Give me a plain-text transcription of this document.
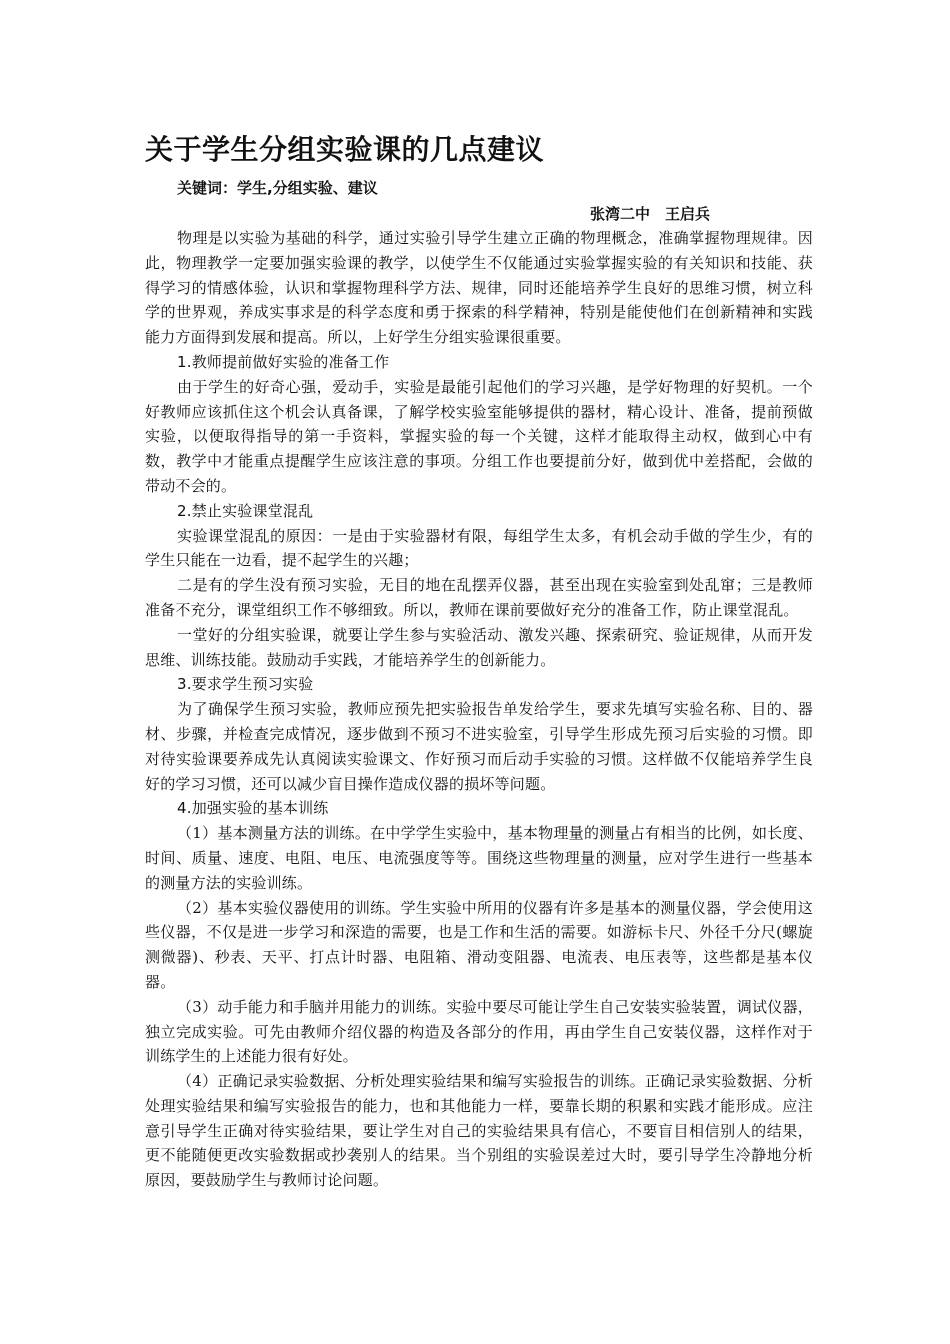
关于学生分组实验课的几点建议
关键词：学生,分组实验、建议
张湾二中　王启兵

物理是以实验为基础的科学，通过实验引导学生建立正确的物理概念，准确掌握物理规律。因此，物理教学一定要加强实验课的教学，以使学生不仅能通过实验掌握实验的有关知识和技能、获得学习的情感体验，认识和掌握物理科学方法、规律，同时还能培养学生良好的思维习惯，树立科学的世界观，养成实事求是的科学态度和勇于探索的科学精神，特别是能使他们在创新精神和实践能力方面得到发展和提高。所以，上好学生分组实验课很重要。

1.教师提前做好实验的准备工作

由于学生的好奇心强，爱动手，实验是最能引起他们的学习兴趣，是学好物理的好契机。一个好教师应该抓住这个机会认真备课，了解学校实验室能够提供的器材，精心设计、准备，提前预做实验，以便取得指导的第一手资料，掌握实验的每一个关键，这样才能取得主动权，做到心中有数，教学中才能重点提醒学生应该注意的事项。分组工作也要提前分好，做到优中差搭配，会做的带动不会的。

2.禁止实验课堂混乱

实验课堂混乱的原因：一是由于实验器材有限，每组学生太多，有机会动手做的学生少，有的学生只能在一边看，提不起学生的兴趣；

二是有的学生没有预习实验，无目的地在乱摆弄仪器，甚至出现在实验室到处乱窜；三是教师准备不充分，课堂组织工作不够细致。所以，教师在课前要做好充分的准备工作，防止课堂混乱。

一堂好的分组实验课，就要让学生参与实验活动、激发兴趣、探索研究、验证规律，从而开发思维、训练技能。鼓励动手实践，才能培养学生的创新能力。

3.要求学生预习实验

为了确保学生预习实验，教师应预先把实验报告单发给学生，要求先填写实验名称、目的、器材、步骤，并检查完成情况，逐步做到不预习不进实验室，引导学生形成先预习后实验的习惯。即对待实验课要养成先认真阅读实验课文、作好预习而后动手实验的习惯。这样做不仅能培养学生良好的学习习惯，还可以减少盲目操作造成仪器的损坏等问题。

4.加强实验的基本训练

（1）基本测量方法的训练。在中学学生实验中，基本物理量的测量占有相当的比例，如长度、时间、质量、速度、电阻、电压、电流强度等等。围绕这些物理量的测量，应对学生进行一些基本的测量方法的实验训练。

（2）基本实验仪器使用的训练。学生实验中所用的仪器有许多是基本的测量仪器，学会使用这些仪器，不仅是进一步学习和深造的需要，也是工作和生活的需要。如游标卡尺、外径千分尺(螺旋测微器)、秒表、天平、打点计时器、电阻箱、滑动变阻器、电流表、电压表等，这些都是基本仪器。

（3）动手能力和手脑并用能力的训练。实验中要尽可能让学生自己安装实验装置，调试仪器，独立完成实验。可先由教师介绍仪器的构造及各部分的作用，再由学生自己安装仪器，这样作对于训练学生的上述能力很有好处。

（4）正确记录实验数据、分析处理实验结果和编写实验报告的训练。正确记录实验数据、分析处理实验结果和编写实验报告的能力，也和其他能力一样，要靠长期的积累和实践才能形成。应注意引导学生正确对待实验结果，要让学生对自己的实验结果具有信心，不要盲目相信别人的结果，更不能随便更改实验数据或抄袭别人的结果。当个别组的实验误差过大时，要引导学生冷静地分析原因，要鼓励学生与教师讨论问题。
